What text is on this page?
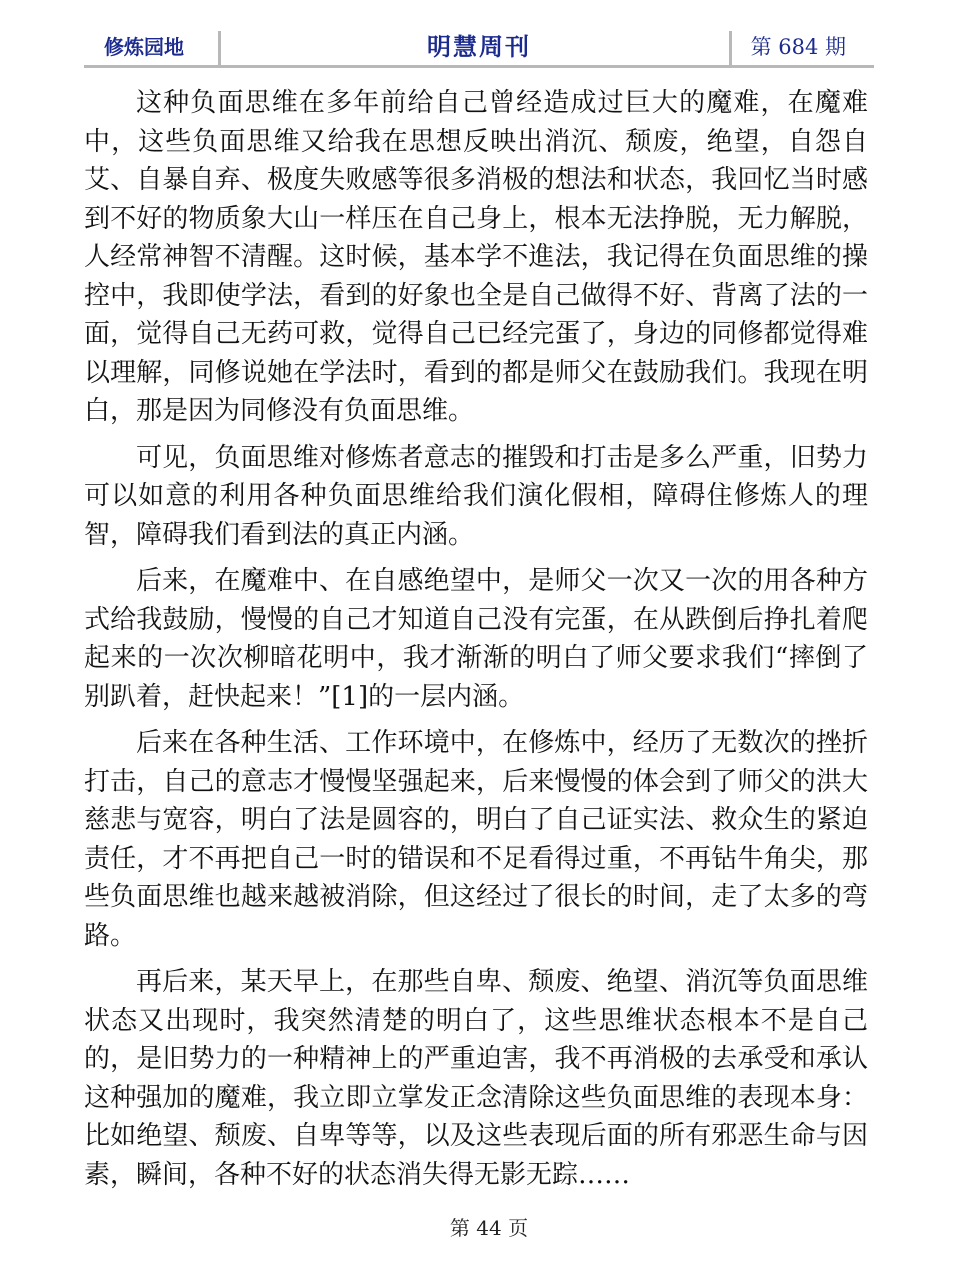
修炼园地	明慧周刊	第 684 期

这种负面思维在多年前给自己曾经造成过巨大的魔难，在魔难中，这些负面思维又给我在思想反映出消沉、颓废，绝望，自怨自艾、自暴自弃、极度失败感等很多消极的想法和状态，我回忆当时感到不好的物质象大山一样压在自己身上，根本无法挣脱，无力解脱，人经常神智不清醒。这时候，基本学不進法，我记得在负面思维的操控中，我即使学法，看到的好象也全是自己做得不好、背离了法的一面，觉得自己无药可救，觉得自己已经完蛋了，身边的同修都觉得难以理解，同修说她在学法时，看到的都是师父在鼓励我们。我现在明白，那是因为同修没有负面思维。

可见，负面思维对修炼者意志的摧毁和打击是多么严重，旧势力可以如意的利用各种负面思维给我们演化假相，障碍住修炼人的理智，障碍我们看到法的真正内涵。

后来，在魔难中、在自感绝望中，是师父一次又一次的用各种方式给我鼓励，慢慢的自己才知道自己没有完蛋，在从跌倒后挣扎着爬起来的一次次柳暗花明中，我才渐渐的明白了师父要求我们“摔倒了别趴着，赶快起来！”[1]的一层内涵。

后来在各种生活、工作环境中，在修炼中，经历了无数次的挫折打击，自己的意志才慢慢坚强起来，后来慢慢的体会到了师父的洪大慈悲与宽容，明白了法是圆容的，明白了自己证实法、救众生的紧迫责任，才不再把自己一时的错误和不足看得过重，不再钻牛角尖，那些负面思维也越来越被消除，但这经过了很长的时间，走了太多的弯路。

再后来，某天早上，在那些自卑、颓废、绝望、消沉等负面思维状态又出现时，我突然清楚的明白了，这些思维状态根本不是自己的，是旧势力的一种精神上的严重迫害，我不再消极的去承受和承认这种强加的魔难，我立即立掌发正念清除这些负面思维的表现本身：比如绝望、颓废、自卑等等，以及这些表现后面的所有邪恶生命与因素，瞬间，各种不好的状态消失得无影无踪……

第 44 页
